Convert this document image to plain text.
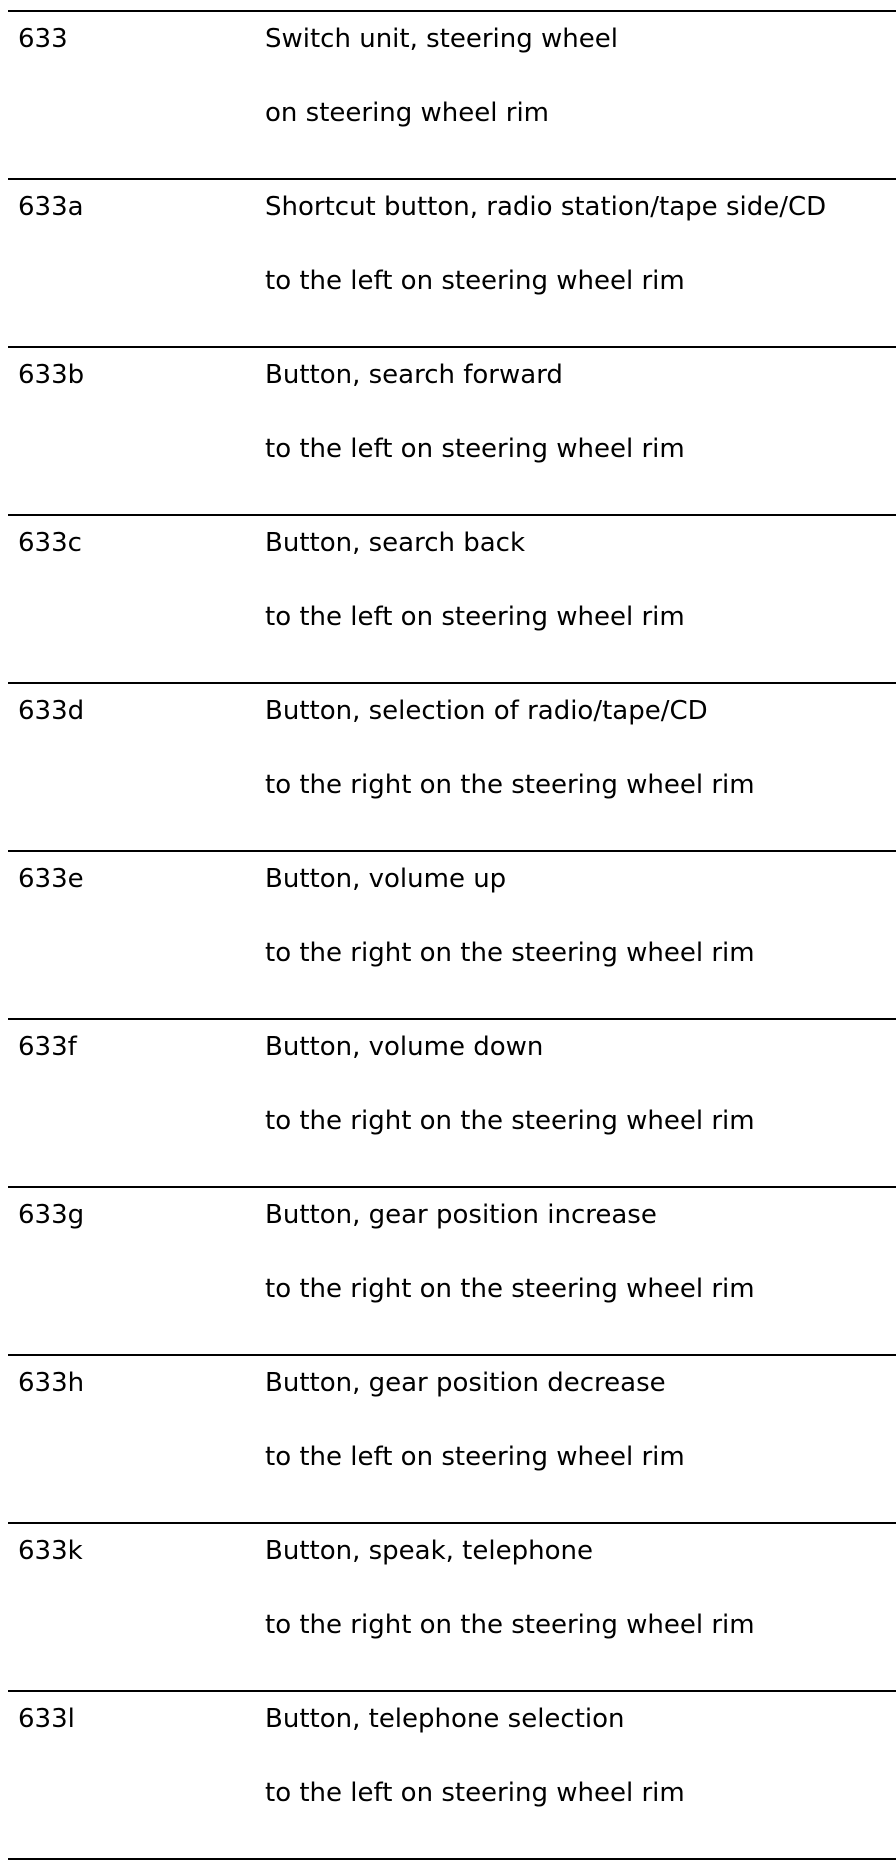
633	Switch unit, steering wheel
on steering wheel rim
633a	Shortcut button, radio station/tape side/CD
to the left on steering wheel rim
633b	Button, search forward
to the left on steering wheel rim
633c	Button, search back
to the left on steering wheel rim
633d	Button, selection of radio/tape/CD
to the right on the steering wheel rim
633e	Button, volume up
to the right on the steering wheel rim
633f	Button, volume down
to the right on the steering wheel rim
633g	Button, gear position increase
to the right on the steering wheel rim
633h	Button, gear position decrease
to the left on steering wheel rim
633k	Button, speak, telephone
to the right on the steering wheel rim
633l	Button, telephone selection
to the left on steering wheel rim
